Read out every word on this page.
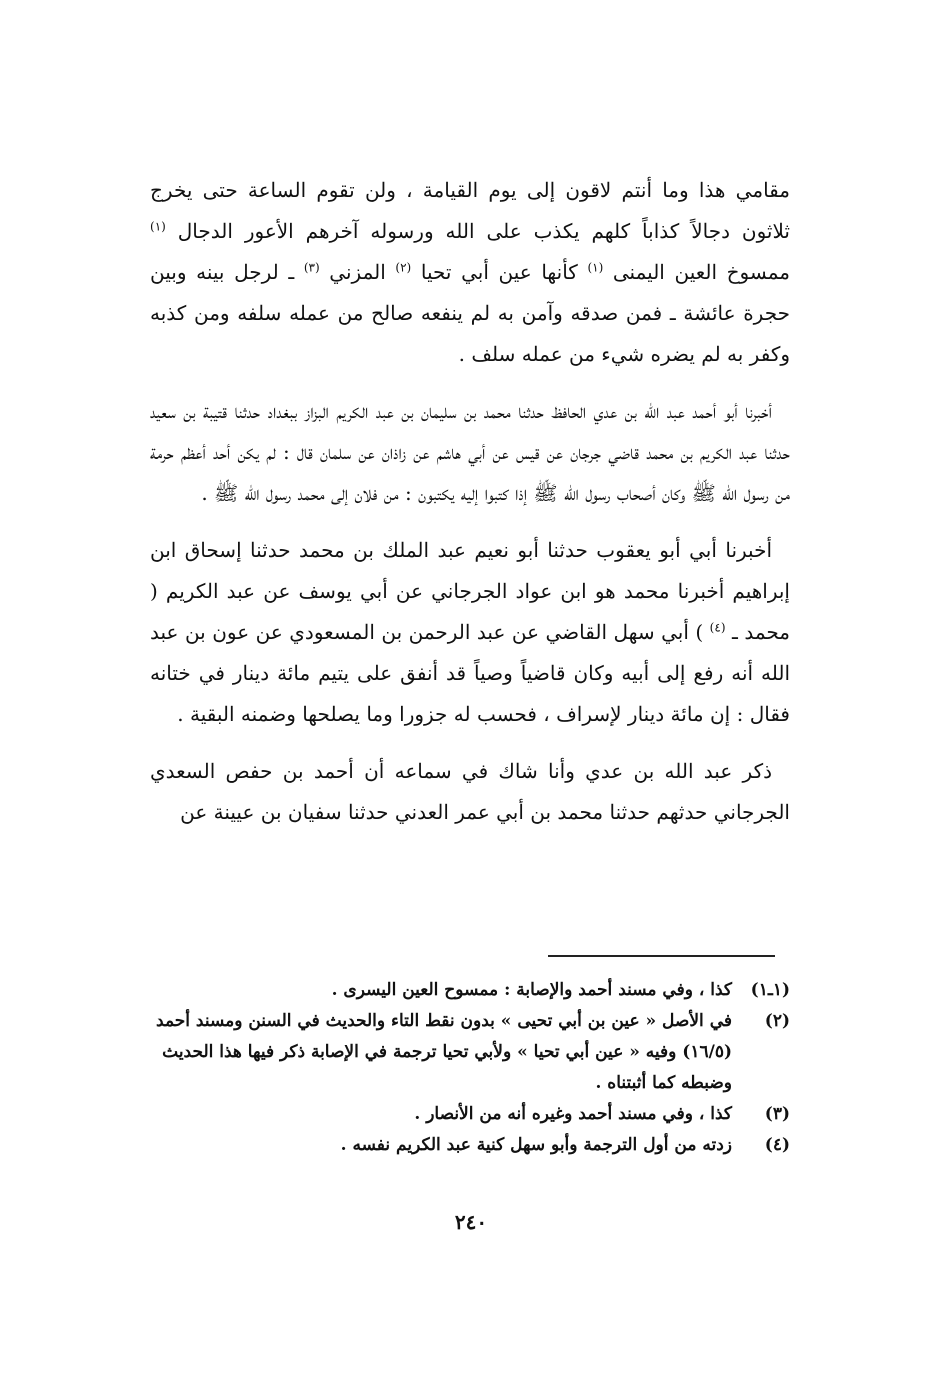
مقامي هذا وما أنتم لاقون إلى يوم القيامة ، ولن تقوم الساعة حتى يخرج ثلاثون دجالاً كذاباً كلهم يكذب على الله ورسوله آخرهم الأعور الدجال $^{(١)}$ ممسوخ العين اليمنى $^{(١)}$ كأنها عين أبي تحيا $^{(٢)}$ المزني $^{(٣)}$ ـ لرجل بينه وبين حجرة عائشة ـ فمن صدقه وآمن به لم ينفعه صالح من عمله سلفه ومن كذبه وكفر به لم يضره شيء من عمله سلف .

أخبرنا أبو أحمد عبد الله بن عدي الحافظ حدثنا محمد بن سليمان بن عبد الكريم البزاز ببغداد حدثنا قتيبة بن سعيد حدثنا عبد الكريم بن محمد قاضي جرجان عن قيس عن أبي هاشم عن زاذان عن سلمان قال : لم يكن أحد أعظم حرمة من رسول الله ﷺ وكان أصحاب رسول الله ﷺ إذا كتبوا إليه يكتبون : من فلان إلى محمد رسول الله ﷺ .

أخبرنا أبي أبو يعقوب حدثنا أبو نعيم عبد الملك بن محمد حدثنا إسحاق ابن إبراهيم أخبرنا محمد هو ابن عواد الجرجاني عن أبي يوسف عن عبد الكريم ( محمد ـ $^{(٤)}$ ) أبي سهل القاضي عن عبد الرحمن بن المسعودي عن عون بن عبد الله أنه رفع إلى أبيه وكان قاضياً وصياً قد أنفق على يتيم مائة دينار في ختانه فقال : إن مائة دينار لإسراف ، فحسب له جزورا وما يصلحها وضمنه البقية .

ذكر عبد الله بن عدي وأنا شاك في سماعه أن أحمد بن حفص السعدي الجرجاني حدثهم حدثنا محمد بن أبي عمر العدني حدثنا سفيان بن عيينة عن

(١ـ١)
كذا ، وفي مسند أحمد والإصابة : ممسوح العين اليسرى .
(٢)
في الأصل « عين بن أبي تحيى » بدون نقط التاء والحديث في السنن ومسند أحمد (١٦/٥) وفيه « عين أبي تحيا » ولأبي تحيا ترجمة في الإصابة ذكر فيها هذا الحديث وضبطه كما أثبتناه .
(٣)
كذا ، وفي مسند أحمد وغيره أنه من الأنصار .
(٤)
زدته من أول الترجمة وأبو سهل كنية عبد الكريم نفسه .
٢٤٠
